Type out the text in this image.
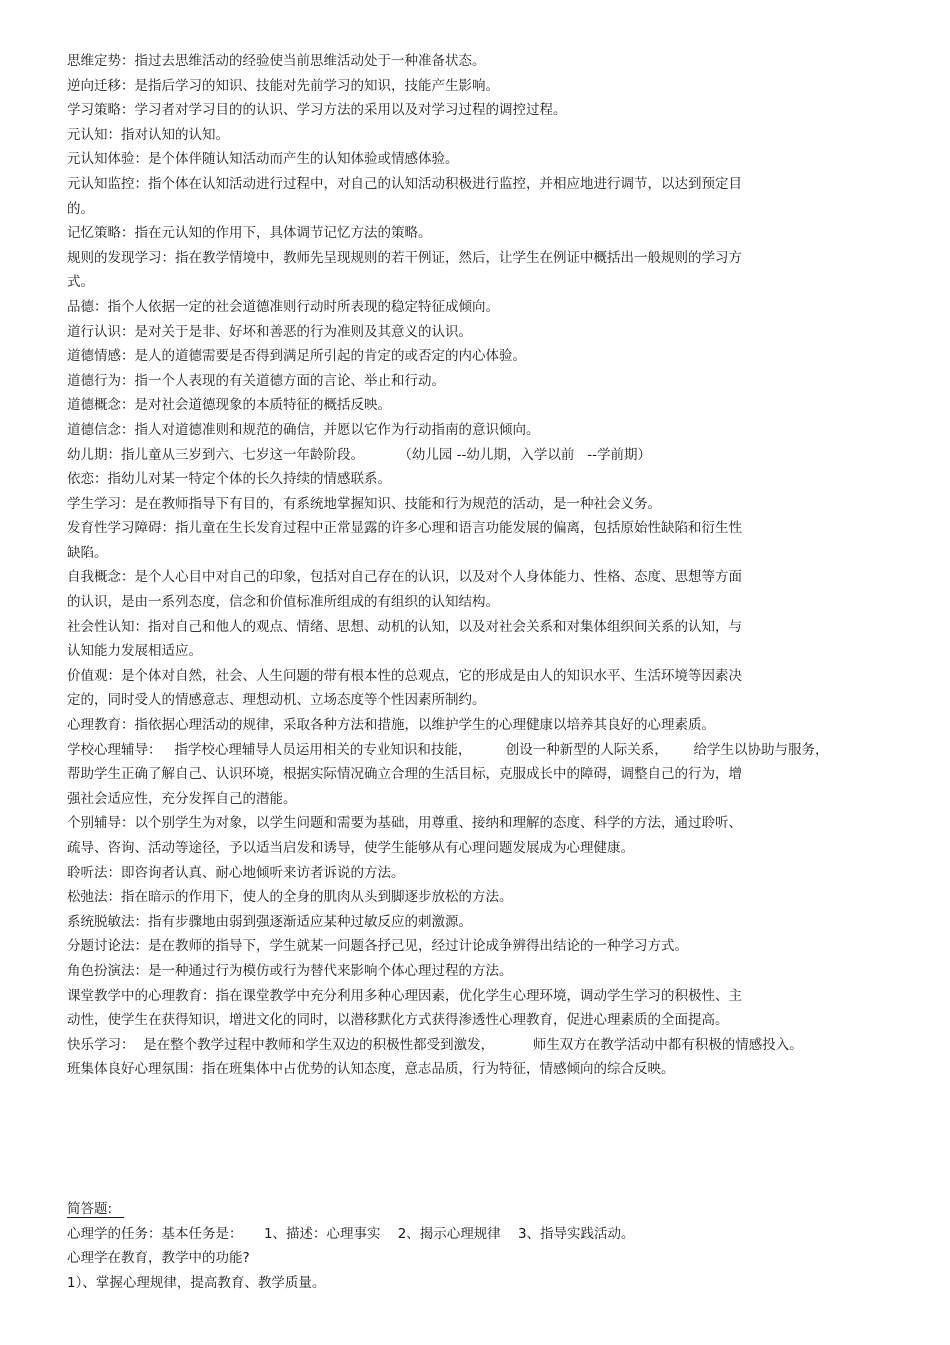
思维定势：指过去思维活动的经验使当前思维活动处于一种准备状态。
逆向迁移：是指后学习的知识、技能对先前学习的知识，技能产生影响。
学习策略：学习者对学习目的的认识、学习方法的采用以及对学习过程的调控过程。
元认知：指对认知的认知。
元认知体验：是个体伴随认知活动而产生的认知体验或情感体验。
元认知监控：指个体在认知活动进行过程中，对自己的认知活动积极进行监控，并相应地进行调节，以达到预定目
的。
记忆策略：指在元认知的作用下，具体调节记忆方法的策略。
规则的发现学习：指在教学情境中，教师先呈现规则的若干例证，然后，让学生在例证中概括出一般规则的学习方
式。
品德：指个人依据一定的社会道德准则行动时所表现的稳定特征成倾向。
道行认识：是对关于是非、好坏和善恶的行为准则及其意义的认识。
道德情感：是人的道德需要是否得到满足所引起的肯定的或否定的内心体验。
道德行为：指一个人表现的有关道德方面的言论、举止和行动。
道德概念：是对社会道德现象的本质特征的概括反映。
道德信念：指人对道德准则和规范的确信，并愿以它作为行动指南的意识倾向。
幼儿期：指儿童从三岁到六、七岁这一年龄阶段。        （幼儿园 --幼儿期，入学以前   --学前期）
依恋：指幼儿对某一特定个体的长久持续的情感联系。
学生学习：是在教师指导下有目的，有系统地掌握知识、技能和行为规范的活动，是一种社会义务。
发育性学习障碍：指儿童在生长发育过程中正常显露的许多心理和语言功能发展的偏离，包括原始性缺陷和衍生性
缺陷。
自我概念：是个人心目中对自己的印象，包括对自己存在的认识，以及对个人身体能力、性格、态度、思想等方面
的认识，是由一系列态度，信念和价值标准所组成的有组织的认知结构。
社会性认知：指对自己和他人的观点、情绪、思想、动机的认知，以及对社会关系和对集体组织间关系的认知，与
认知能力发展相适应。
价值观：是个体对自然，社会、人生问题的带有根本性的总观点，它的形成是由人的知识水平、生活环境等因素决
定的，同时受人的情感意志、理想动机、立场态度等个性因素所制约。
心理教育：指依据心理活动的规律，采取各种方法和措施，以维护学生的心理健康以培养其良好的心理素质。
学校心理辅导：   指学校心理辅导人员运用相关的专业知识和技能，        创设一种新型的人际关系，      给学生以协助与服务，
帮助学生正确了解自己、认识环境，根据实际情况确立合理的生活目标，克服成长中的障碍，调整自己的行为，增
强社会适应性，充分发挥自己的潜能。
个别辅导：以个别学生为对象，以学生问题和需要为基础，用尊重、接纳和理解的态度、科学的方法，通过聆听、
疏导、咨询、活动等途径，予以适当启发和诱导，使学生能够从有心理问题发展成为心理健康。
聆听法：即咨询者认真、耐心地倾听来访者诉说的方法。
松弛法：指在暗示的作用下，使人的全身的肌肉从头到脚逐步放松的方法。
系统脱敏法：指有步骤地由弱到强逐渐适应某种过敏反应的刺激源。
分题讨论法：是在教师的指导下，学生就某一问题各抒己见，经过计论成争辨得出结论的一种学习方式。
角色扮演法：是一种通过行为模仿或行为替代来影响个体心理过程的方法。
课堂教学中的心理教育：指在课堂教学中充分利用多种心理因素，优化学生心理环境，调动学生学习的积极性、主
动性，使学生在获得知识，增进文化的同时，以潜移默化方式获得渗透性心理教育，促进心理素质的全面提高。
快乐学习：  是在整个教学过程中教师和学生双边的积极性都受到激发，         师生双方在教学活动中都有积极的情感投入。
班集体良好心理氛围：指在班集体中占优势的认知态度，意志品质，行为特征，情感倾向的综合反映。
简答题:
心理学的任务：基本任务是：     1、描述：心理事实    2、揭示心理规律    3、指导实践活动。
心理学在教育，教学中的功能?
1）、掌握心理规律，提高教育、教学质量。
